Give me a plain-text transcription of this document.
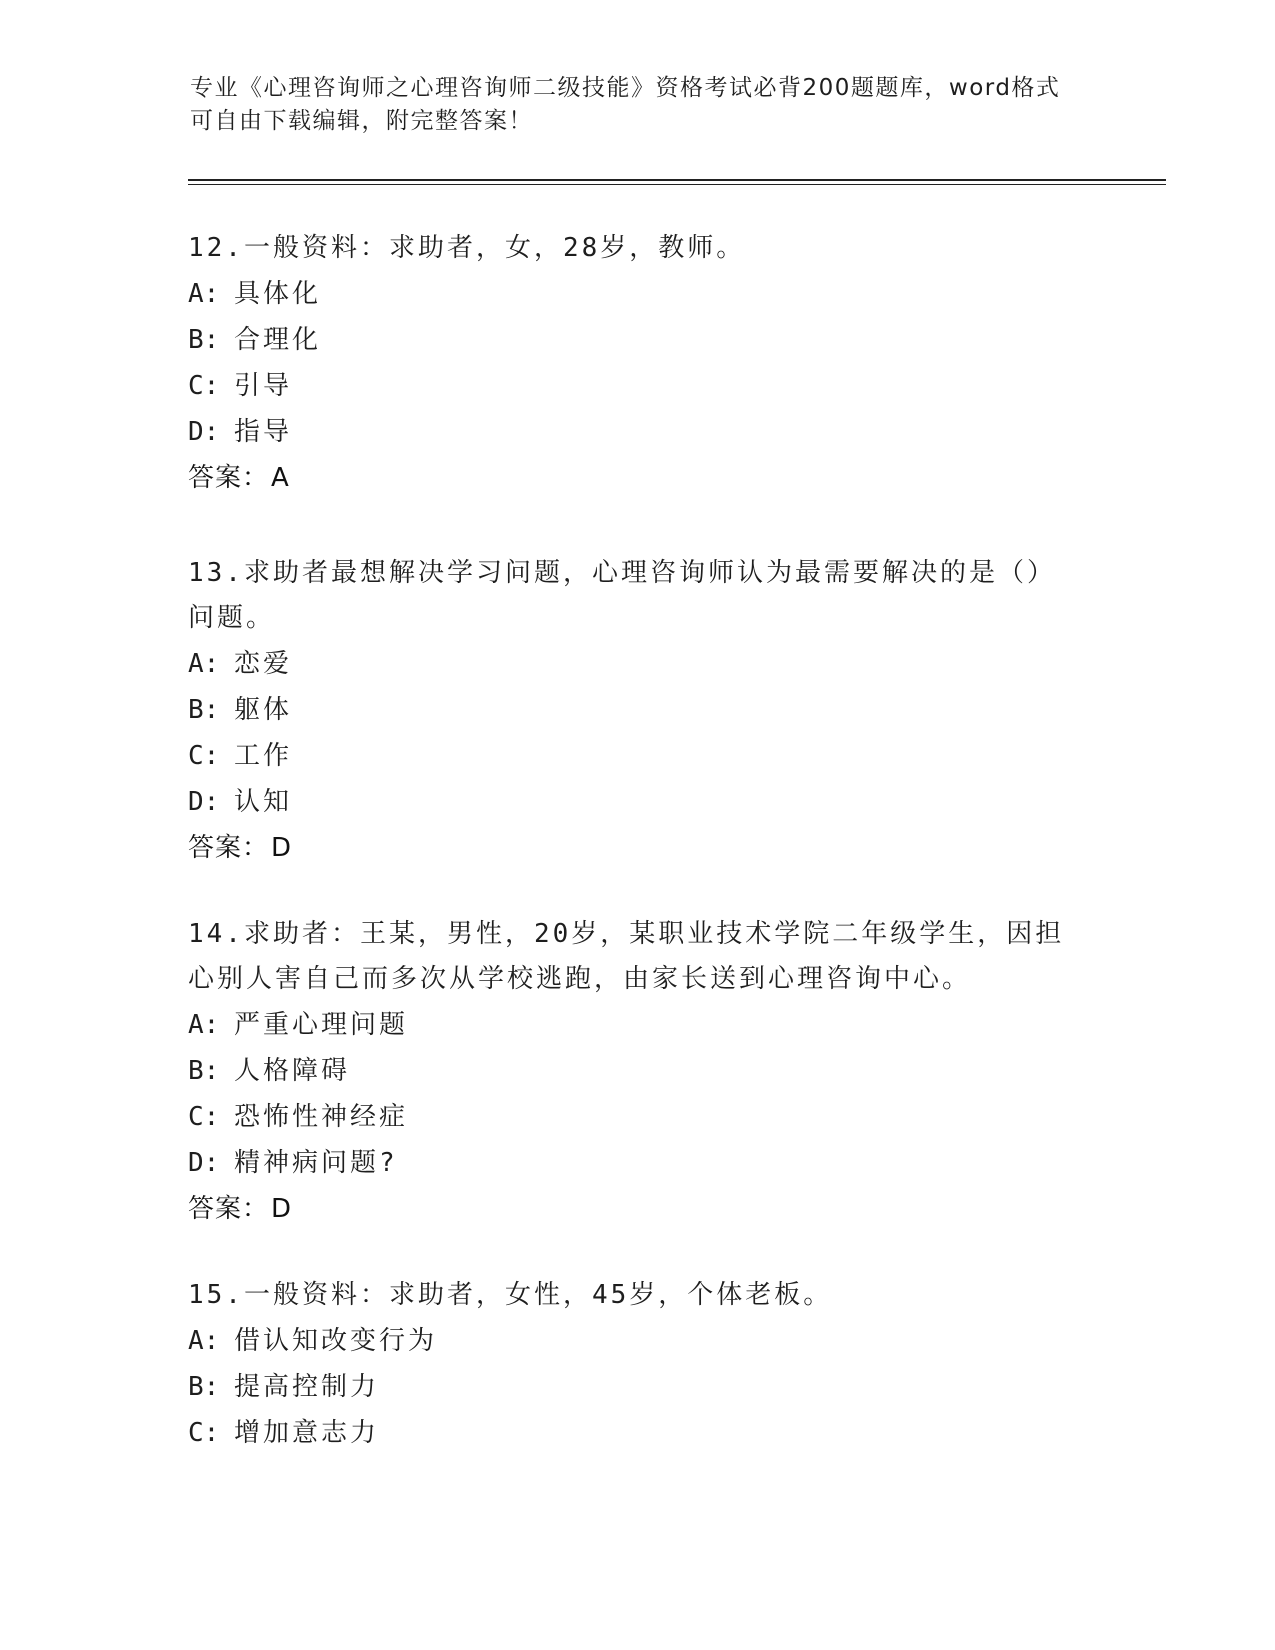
专业《心理咨询师之心理咨询师二级技能》资格考试必背200题题库，word格式
可自由下载编辑，附完整答案！
12.一般资料：求助者，女，28岁，教师。
A: 具体化
B: 合理化
C: 引导
D: 指导
答案：A
13.求助者最想解决学习问题，心理咨询师认为最需要解决的是（）问题。
A: 恋爱
B: 躯体
C: 工作
D: 认知
答案：D
14.求助者：王某，男性，20岁，某职业技术学院二年级学生，因担心别人害自己而多次从学校逃跑，由家长送到心理咨询中心。
A: 严重心理问题
B: 人格障碍
C: 恐怖性神经症
D: 精神病问题?
答案：D
15.一般资料：求助者，女性，45岁，个体老板。
A: 借认知改变行为
B: 提高控制力
C: 增加意志力
